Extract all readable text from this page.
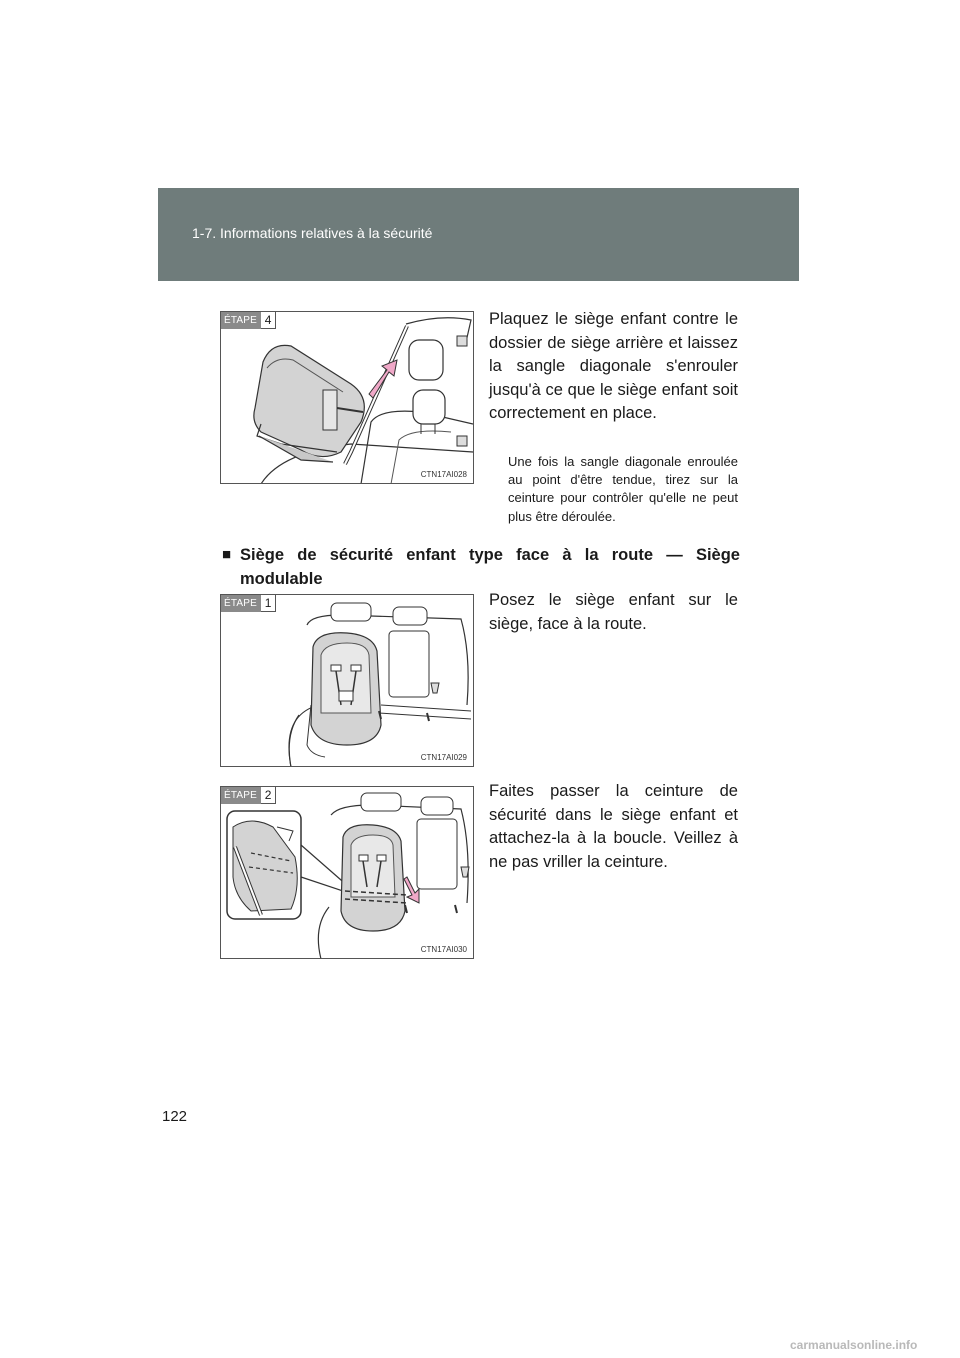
1-7. Informations relatives à la sécurité
ÉTAPE 4
CTN17AI028
Plaquez le siège enfant contre le dossier de siège arrière et laissez la sangle diagonale s'enrouler jusqu'à ce que le siège enfant soit correctement en place.
Une fois la sangle diagonale enroulée au point d'être tendue, tirez sur la ceinture pour contrôler qu'elle ne peut plus être déroulée.
■ Siège de sécurité enfant type face à la route — Siège modulable
ÉTAPE 1
CTN17AI029
Posez le siège enfant sur le siège, face à la route.
ÉTAPE 2
CTN17AI030
Faites passer la ceinture de sécurité dans le siège enfant et attachez-la à la boucle. Veillez à ne pas vriller la ceinture.
122
carmanualsonline.info
